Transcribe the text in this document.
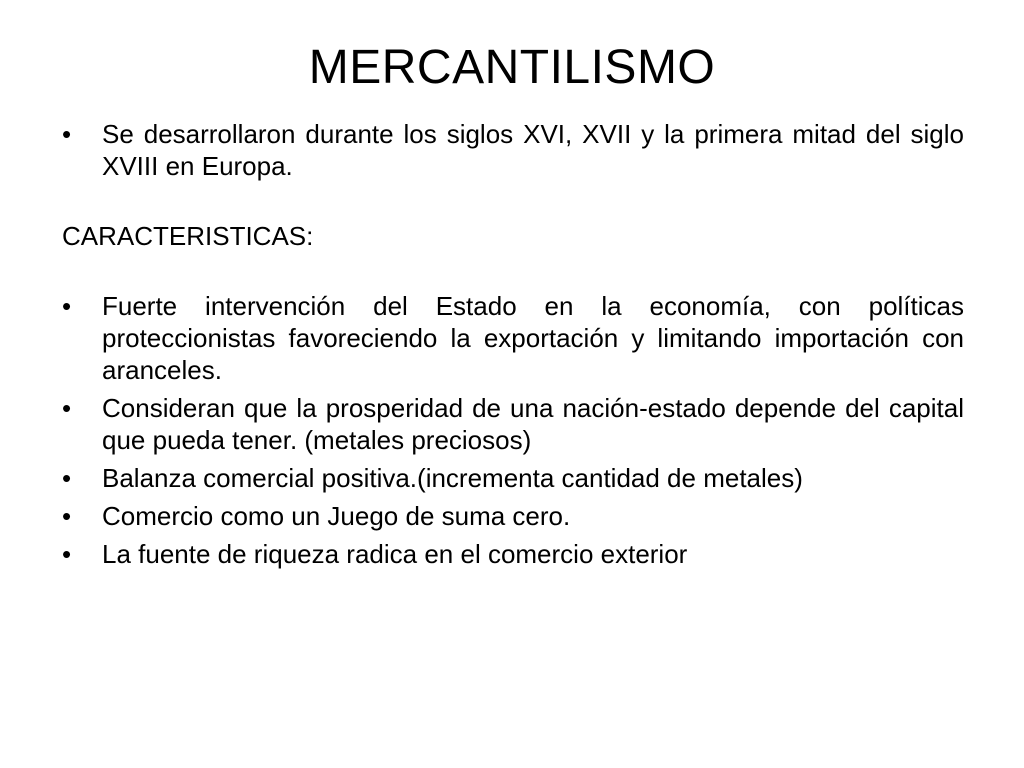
MERCANTILISMO
•	Se desarrollaron durante los siglos XVI, XVII y la primera mitad del siglo XVIII en Europa.

CARACTERISTICAS:

•	Fuerte intervención del Estado en la economía, con políticas proteccionistas favoreciendo la exportación y limitando importación con aranceles.
•	Consideran que la prosperidad de una nación-estado depende del capital que pueda tener. (metales preciosos)
•	Balanza comercial positiva.(incrementa cantidad de metales)
•	Comercio como un Juego de suma cero.
•	La fuente de riqueza radica en el comercio exterior
